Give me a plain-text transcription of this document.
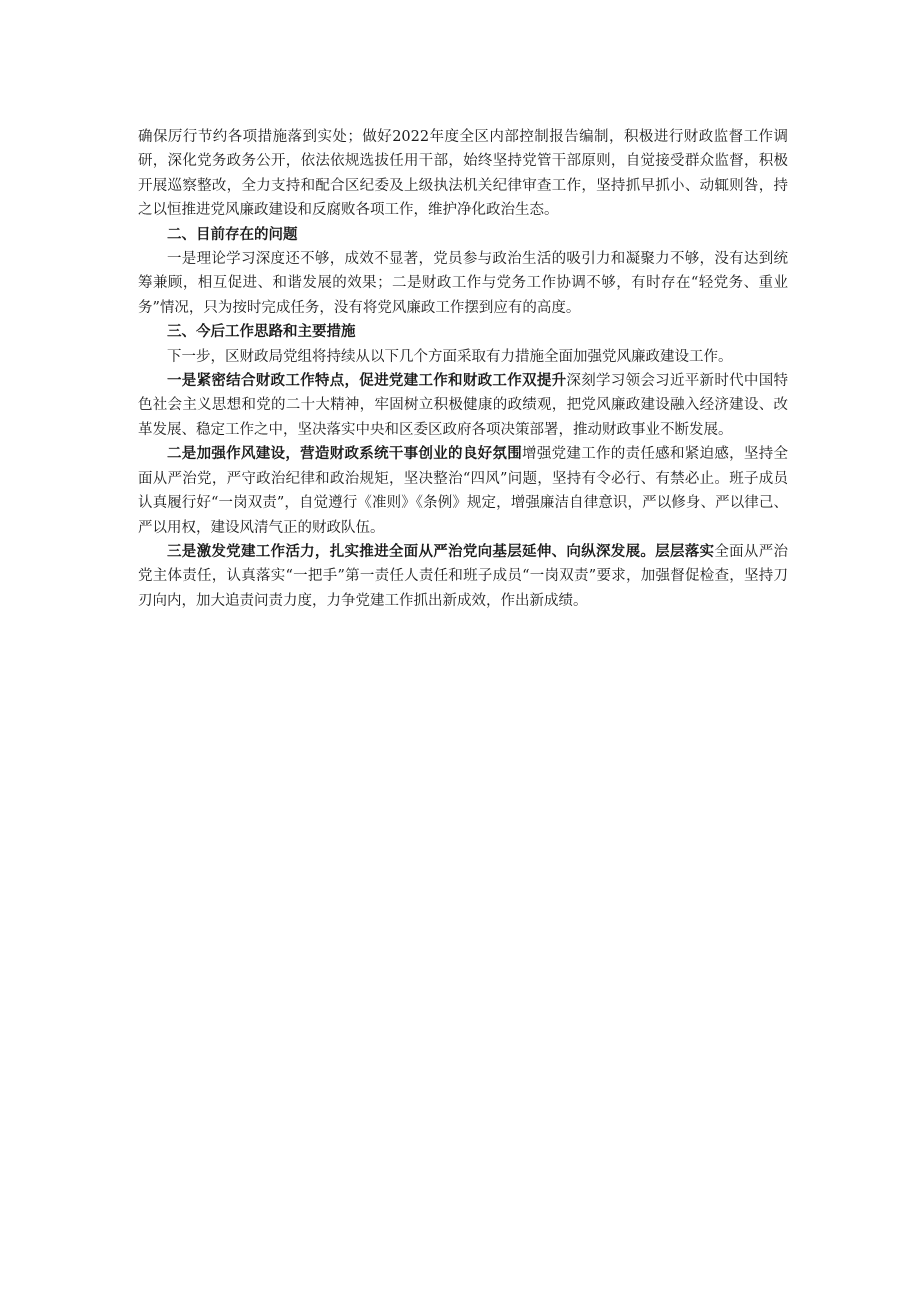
确保厉行节约各项措施落到实处；做好2022年度全区内部控制报告编制，积极进行财政监督工作调研，深化党务政务公开，依法依规选拔任用干部，始终坚持党管干部原则，自觉接受群众监督，积极开展巡察整改，全力支持和配合区纪委及上级执法机关纪律审查工作，坚持抓早抓小、动辄则咎，持之以恒推进党风廉政建设和反腐败各项工作，维护净化政治生态。

二、目前存在的问题

一是理论学习深度还不够，成效不显著，党员参与政治生活的吸引力和凝聚力不够，没有达到统筹兼顾，相互促进、和谐发展的效果；二是财政工作与党务工作协调不够，有时存在“轻党务、重业务”情况，只为按时完成任务，没有将党风廉政工作摆到应有的高度。

三、今后工作思路和主要措施

下一步，区财政局党组将持续从以下几个方面采取有力措施全面加强党风廉政建设工作。

一是紧密结合财政工作特点，促进党建工作和财政工作双提升深刻学习领会习近平新时代中国特色社会主义思想和党的二十大精神，牢固树立积极健康的政绩观，把党风廉政建设融入经济建设、改革发展、稳定工作之中，坚决落实中央和区委区政府各项决策部署，推动财政事业不断发展。

二是加强作风建设，营造财政系统干事创业的良好氛围增强党建工作的责任感和紧迫感，坚持全面从严治党，严守政治纪律和政治规矩，坚决整治“四风”问题，坚持有令必行、有禁必止。班子成员认真履行好“一岗双责”，自觉遵行《准则》《条例》规定，增强廉洁自律意识，严以修身、严以律己、严以用权，建设风清气正的财政队伍。

三是激发党建工作活力，扎实推进全面从严治党向基层延伸、向纵深发展。层层落实全面从严治党主体责任，认真落实“一把手”第一责任人责任和班子成员“一岗双责”要求，加强督促检查，坚持刀刃向内，加大追责问责力度，力争党建工作抓出新成效，作出新成绩。
